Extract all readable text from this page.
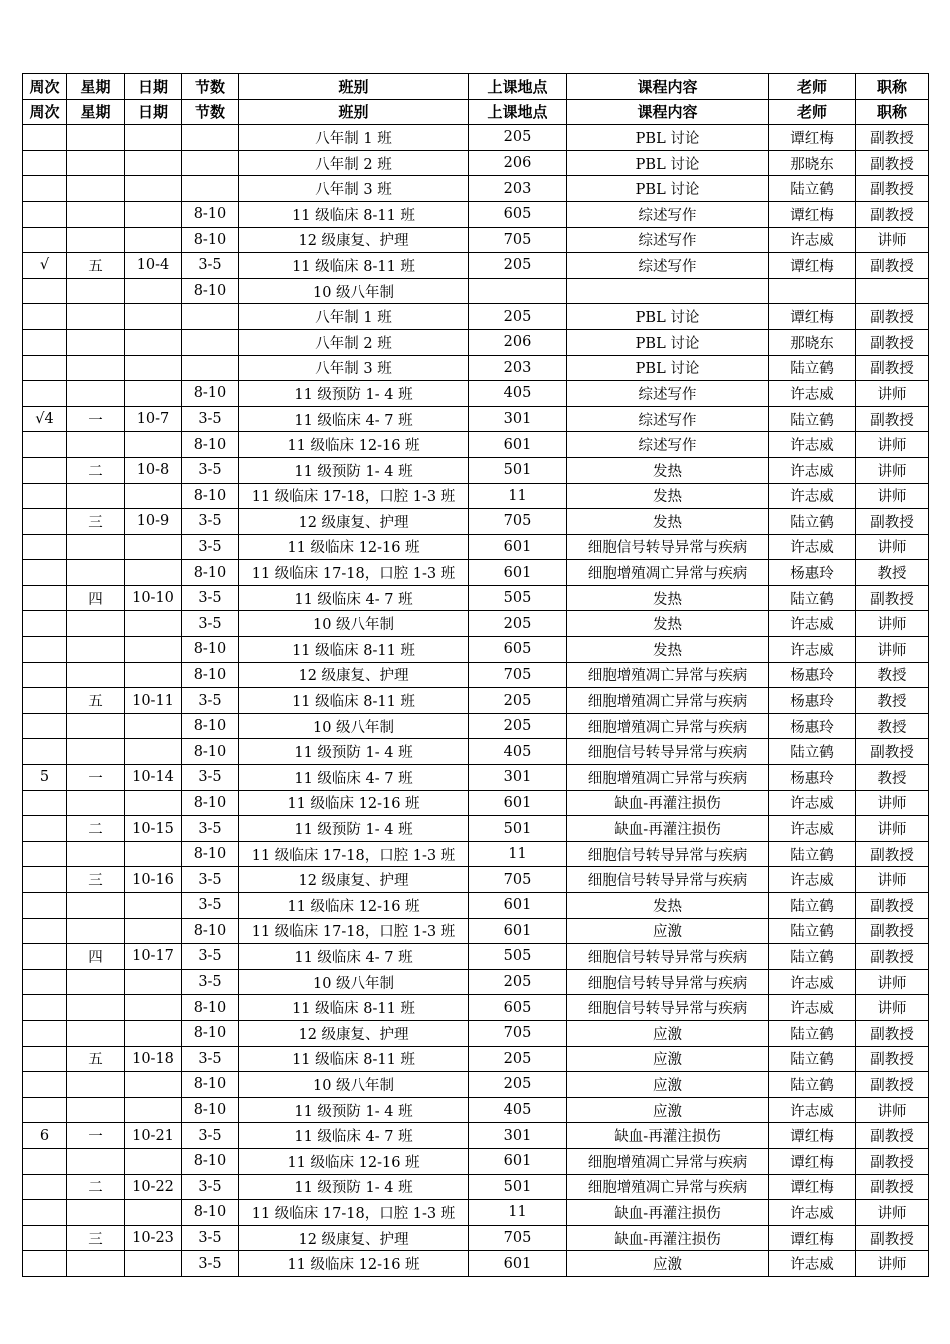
周次	星期	日期	节数	班别	上课地点	课程内容	老师	职称
周次	星期	日期	节数	班别	上课地点	课程内容	老师	职称
				八年制 1 班	205	PBL 讨论	谭红梅	副教授
				八年制 2 班	206	PBL 讨论	那晓东	副教授
				八年制 3 班	203	PBL 讨论	陆立鹤	副教授
			8-10	11 级临床 8-11 班	605	综述写作	谭红梅	副教授
			8-10	12 级康复、护理	705	综述写作	许志威	讲师
√	五	10-4	3-5	11 级临床 8-11 班	205	综述写作	谭红梅	副教授
			8-10	10 级八年制				
				八年制 1 班	205	PBL 讨论	谭红梅	副教授
				八年制 2 班	206	PBL 讨论	那晓东	副教授
				八年制 3 班	203	PBL 讨论	陆立鹤	副教授
			8-10	11 级预防 1- 4 班	405	综述写作	许志威	讲师
√4	一	10-7	3-5	11 级临床 4- 7 班	301	综述写作	陆立鹤	副教授
			8-10	11 级临床 12-16 班	601	综述写作	许志威	讲师
	二	10-8	3-5	11 级预防 1- 4 班	501	发热	许志威	讲师
			8-10	11 级临床 17-18，口腔 1-3 班	11	发热	许志威	讲师
	三	10-9	3-5	12 级康复、护理	705	发热	陆立鹤	副教授
			3-5	11 级临床 12-16 班	601	细胞信号转导异常与疾病	许志威	讲师
			8-10	11 级临床 17-18，口腔 1-3 班	601	细胞增殖凋亡异常与疾病	杨惠玲	教授
	四	10-10	3-5	11 级临床 4- 7 班	505	发热	陆立鹤	副教授
			3-5	10 级八年制	205	发热	许志威	讲师
			8-10	11 级临床 8-11 班	605	发热	许志威	讲师
			8-10	12 级康复、护理	705	细胞增殖凋亡异常与疾病	杨惠玲	教授
	五	10-11	3-5	11 级临床 8-11 班	205	细胞增殖凋亡异常与疾病	杨惠玲	教授
			8-10	10 级八年制	205	细胞增殖凋亡异常与疾病	杨惠玲	教授
			8-10	11 级预防 1- 4 班	405	细胞信号转导异常与疾病	陆立鹤	副教授
5	一	10-14	3-5	11 级临床 4- 7 班	301	细胞增殖凋亡异常与疾病	杨惠玲	教授
			8-10	11 级临床 12-16 班	601	缺血-再灌注损伤	许志威	讲师
	二	10-15	3-5	11 级预防 1- 4 班	501	缺血-再灌注损伤	许志威	讲师
			8-10	11 级临床 17-18，口腔 1-3 班	11	细胞信号转导异常与疾病	陆立鹤	副教授
	三	10-16	3-5	12 级康复、护理	705	细胞信号转导异常与疾病	许志威	讲师
			3-5	11 级临床 12-16 班	601	发热	陆立鹤	副教授
			8-10	11 级临床 17-18，口腔 1-3 班	601	应激	陆立鹤	副教授
	四	10-17	3-5	11 级临床 4- 7 班	505	细胞信号转导异常与疾病	陆立鹤	副教授
			3-5	10 级八年制	205	细胞信号转导异常与疾病	许志威	讲师
			8-10	11 级临床 8-11 班	605	细胞信号转导异常与疾病	许志威	讲师
			8-10	12 级康复、护理	705	应激	陆立鹤	副教授
	五	10-18	3-5	11 级临床 8-11 班	205	应激	陆立鹤	副教授
			8-10	10 级八年制	205	应激	陆立鹤	副教授
			8-10	11 级预防 1- 4 班	405	应激	许志威	讲师
6	一	10-21	3-5	11 级临床 4- 7 班	301	缺血-再灌注损伤	谭红梅	副教授
			8-10	11 级临床 12-16 班	601	细胞增殖凋亡异常与疾病	谭红梅	副教授
	二	10-22	3-5	11 级预防 1- 4 班	501	细胞增殖凋亡异常与疾病	谭红梅	副教授
			8-10	11 级临床 17-18，口腔 1-3 班	11	缺血-再灌注损伤	许志威	讲师
	三	10-23	3-5	12 级康复、护理	705	缺血-再灌注损伤	谭红梅	副教授
			3-5	11 级临床 12-16 班	601	应激	许志威	讲师
